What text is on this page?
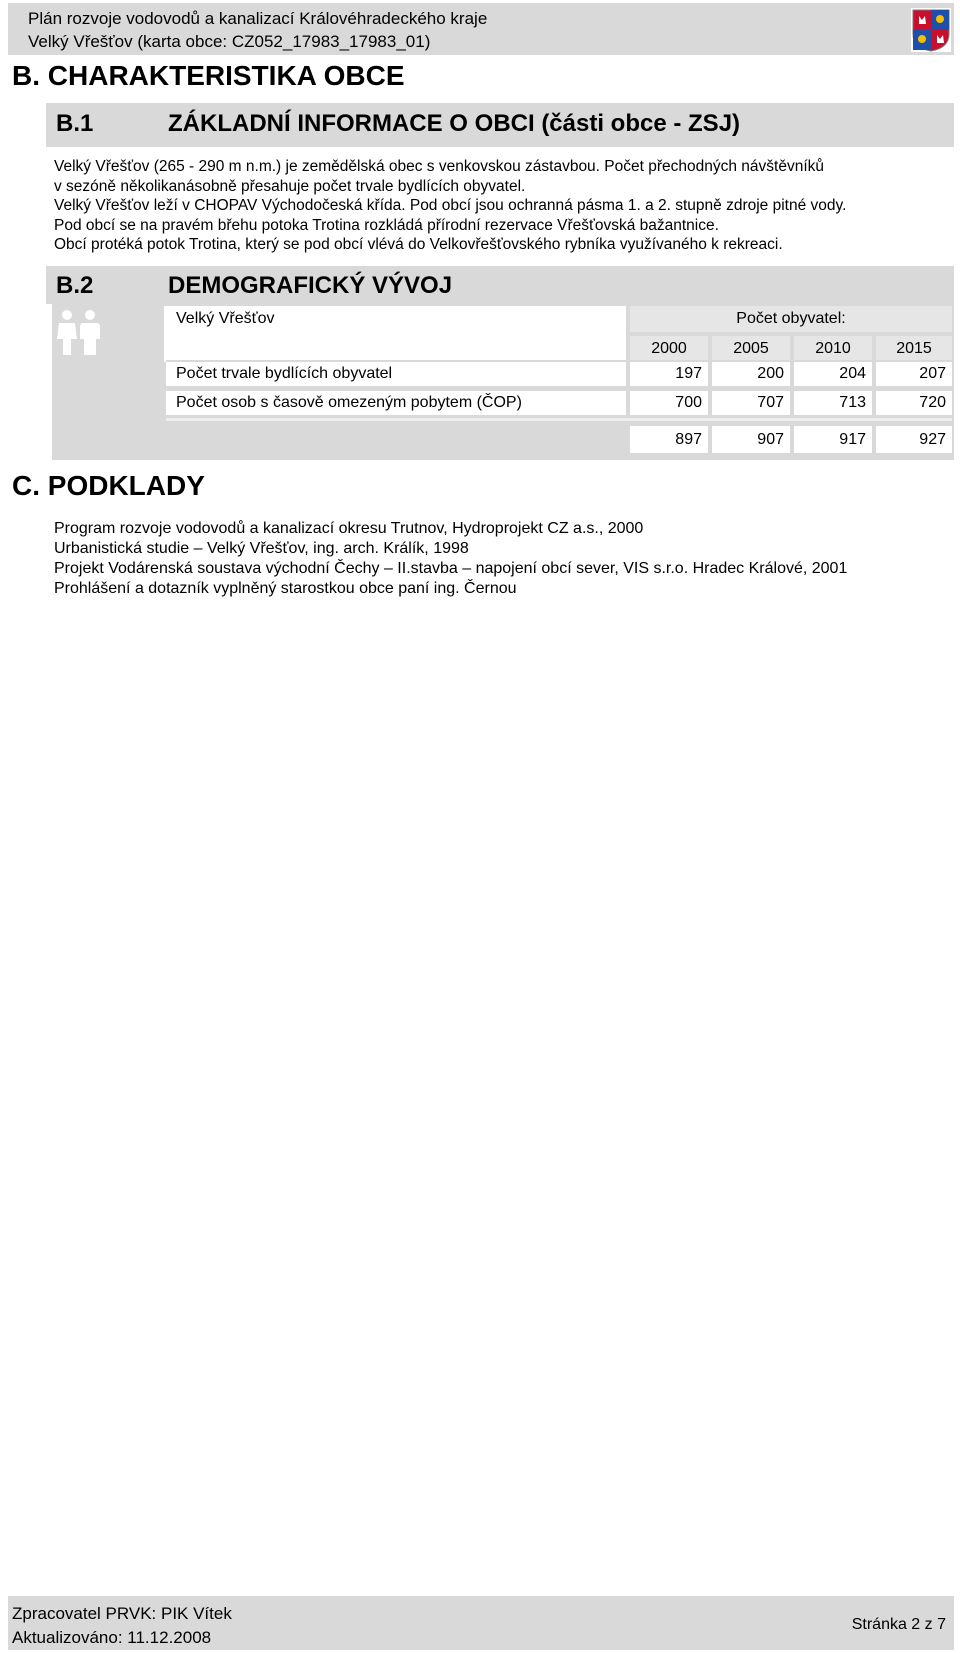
Plán rozvoje vodovodů a kanalizací Královéhradeckého kraje
Velký Vřešťov (karta obce: CZ052_17983_17983_01)
B. CHARAKTERISTIKA OBCE
B.1	ZÁKLADNÍ INFORMACE O OBCI (části obce - ZSJ)
Velký Vřešťov (265 - 290 m n.m.) je zemědělská obec s venkovskou zástavbou. Počet přechodných návštěvníků
v sezóně několikanásobně přesahuje počet trvale bydlících obyvatel.
Velký Vřešťov leží v CHOPAV Východočeská křída. Pod obcí jsou ochranná pásma 1. a 2. stupně zdroje pitné vody.
Pod obcí se na pravém břehu potoka Trotina rozkládá přírodní rezervace Vřešťovská bažantnice.
Obcí protéká potok Trotina, který se pod obcí vlévá do Velkovřešťovského rybníka využívaného k rekreaci.
B.2	DEMOGRAFICKÝ VÝVOJ
Velký Vřešťov	Počet obyvatel:
2000	2005	2010	2015
Počet trvale bydlících obyvatel	197	200	204	207
Počet osob s časově omezeným pobytem (ČOP)	700	707	713	720
897	907	917	927
C. PODKLADY
Program rozvoje vodovodů a kanalizací okresu Trutnov, Hydroprojekt CZ a.s., 2000
Urbanistická studie – Velký Vřešťov, ing. arch. Králík, 1998
Projekt Vodárenská soustava východní Čechy – II.stavba – napojení obcí sever, VIS s.r.o. Hradec Králové, 2001
Prohlášení a dotazník vyplněný starostkou obce paní ing. Černou
Zpracovatel PRVK: PIK Vítek
Aktualizováno: 11.12.2008
Stránka 2 z 7
